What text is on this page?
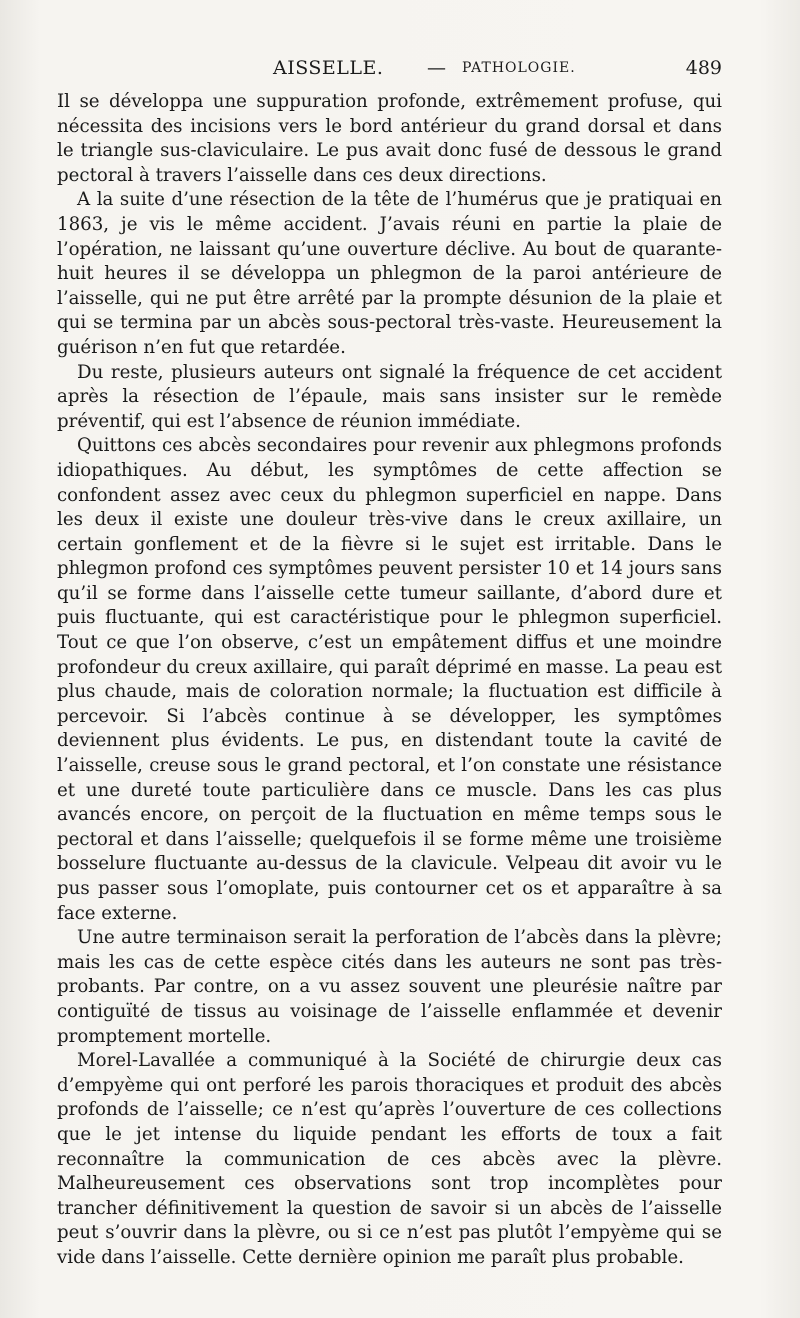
AISSELLE. — PATHOLOGIE.	489

Il se développa une suppuration profonde, extrêmement profuse, qui nécessita des incisions vers le bord antérieur du grand dorsal et dans le triangle sus-claviculaire. Le pus avait donc fusé de dessous le grand pectoral à travers l’aisselle dans ces deux directions.

A la suite d’une résection de la tête de l’humérus que je pratiquai en 1863, je vis le même accident. J’avais réuni en partie la plaie de l’opération, ne laissant qu’une ouverture déclive. Au bout de quarante-huit heures il se développa un phlegmon de la paroi antérieure de l’aisselle, qui ne put être arrêté par la prompte désunion de la plaie et qui se termina par un abcès sous-pectoral très-vaste. Heureusement la guérison n’en fut que retardée.

Du reste, plusieurs auteurs ont signalé la fréquence de cet accident après la résection de l’épaule, mais sans insister sur le remède préventif, qui est l’absence de réunion immédiate.

Quittons ces abcès secondaires pour revenir aux phlegmons profonds idiopathiques. Au début, les symptômes de cette affection se confondent assez avec ceux du phlegmon superficiel en nappe. Dans les deux il existe une douleur très-vive dans le creux axillaire, un certain gonflement et de la fièvre si le sujet est irritable. Dans le phlegmon profond ces symptômes peuvent persister 10 et 14 jours sans qu’il se forme dans l’aisselle cette tumeur saillante, d’abord dure et puis fluctuante, qui est caractéristique pour le phlegmon superficiel. Tout ce que l’on observe, c’est un empâtement diffus et une moindre profondeur du creux axillaire, qui paraît déprimé en masse. La peau est plus chaude, mais de coloration normale; la fluctuation est difficile à percevoir. Si l’abcès continue à se développer, les symptômes deviennent plus évidents. Le pus, en distendant toute la cavité de l’aisselle, creuse sous le grand pectoral, et l’on constate une résistance et une dureté toute particulière dans ce muscle. Dans les cas plus avancés encore, on perçoit de la fluctuation en même temps sous le pectoral et dans l’aisselle; quelquefois il se forme même une troisième bosselure fluctuante au-dessus de la clavicule. Velpeau dit avoir vu le pus passer sous l’omoplate, puis contourner cet os et apparaître à sa face externe.

Une autre terminaison serait la perforation de l’abcès dans la plèvre; mais les cas de cette espèce cités dans les auteurs ne sont pas très-probants. Par contre, on a vu assez souvent une pleurésie naître par contiguïté de tissus au voisinage de l’aisselle enflammée et devenir promptement mortelle.

Morel-Lavallée a communiqué à la Société de chirurgie deux cas d’empyème qui ont perforé les parois thoraciques et produit des abcès profonds de l’aisselle; ce n’est qu’après l’ouverture de ces collections que le jet intense du liquide pendant les efforts de toux a fait reconnaître la communication de ces abcès avec la plèvre. Malheureusement ces observations sont trop incomplètes pour trancher définitivement la question de savoir si un abcès de l’aisselle peut s’ouvrir dans la plèvre, ou si ce n’est pas plutôt l’empyème qui se vide dans l’aisselle. Cette dernière opinion me paraît plus probable.
